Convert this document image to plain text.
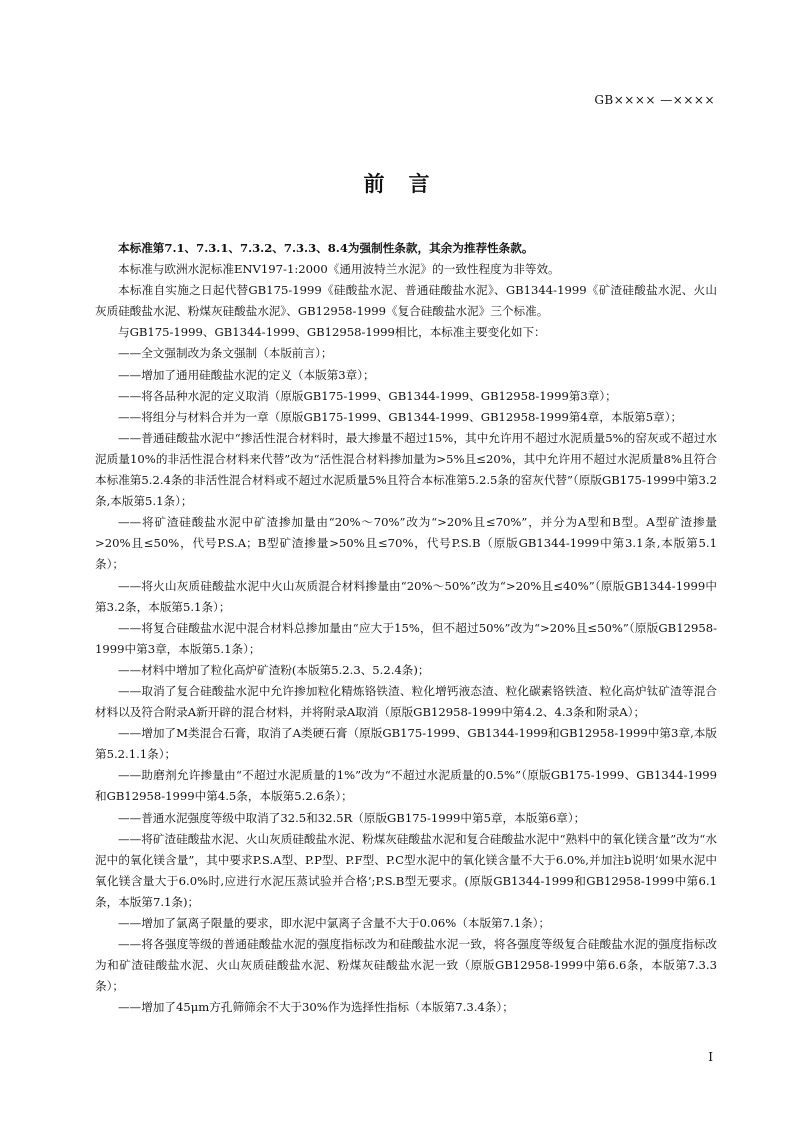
GB×××× —××××
前言

本标准第7.1、7.3.1、7.3.2、7.3.3、8.4为强制性条款，其余为推荐性条款。

本标准与欧洲水泥标准ENV197-1:2000《通用波特兰水泥》的一致性程度为非等效。

本标准自实施之日起代替GB175-1999《硅酸盐水泥、普通硅酸盐水泥》、GB1344-1999《矿渣硅酸盐水泥、火山灰质硅酸盐水泥、粉煤灰硅酸盐水泥》、GB12958-1999《复合硅酸盐水泥》三个标准。

与GB175-1999、GB1344-1999、GB12958-1999相比，本标准主要变化如下：

——全文强制改为条文强制（本版前言）；

——增加了通用硅酸盐水泥的定义（本版第3章）；

——将各品种水泥的定义取消（原版GB175-1999、GB1344-1999、GB12958-1999第3章）；

——将组分与材料合并为一章（原版GB175-1999、GB1344-1999、GB12958-1999第4章，本版第5章）；

——普通硅酸盐水泥中“掺活性混合材料时，最大掺量不超过15%，其中允许用不超过水泥质量5%的窑灰或不超过水泥质量10%的非活性混合材料来代替”改为“活性混合材料掺加量为>5%且≤20%，其中允许用不超过水泥质量8%且符合本标准第5.2.4条的非活性混合材料或不超过水泥质量5%且符合本标准第5.2.5条的窑灰代替”（原版GB175-1999中第3.2条,本版第5.1条）；

——将矿渣硅酸盐水泥中矿渣掺加量由“20%～70%”改为“>20%且≤70%”，并分为A型和B型。A型矿渣掺量>20%且≤50%，代号P.S.A；B型矿渣掺量>50%且≤70%，代号P.S.B（原版GB1344-1999中第3.1条,本版第5.1条）；

——将火山灰质硅酸盐水泥中火山灰质混合材料掺量由“20%～50%”改为“>20%且≤40%”（原版GB1344-1999中第3.2条，本版第5.1条）；

——将复合硅酸盐水泥中混合材料总掺加量由“应大于15%，但不超过50%”改为“>20%且≤50%”（原版GB12958-1999中第3章，本版第5.1条）；

——材料中增加了粒化高炉矿渣粉(本版第5.2.3、5.2.4条)；

——取消了复合硅酸盐水泥中允许掺加粒化精炼铬铁渣、粒化增钙液态渣、粒化碳素铬铁渣、粒化高炉钛矿渣等混合材料以及符合附录A新开辟的混合材料，并将附录A取消（原版GB12958-1999中第4.2、4.3条和附录A）；

——增加了M类混合石膏，取消了A类硬石膏（原版GB175-1999、GB1344-1999和GB12958-1999中第3章,本版第5.2.1.1条）；

——助磨剂允许掺量由“不超过水泥质量的1%”改为“不超过水泥质量的0.5%”（原版GB175-1999、GB1344-1999和GB12958-1999中第4.5条，本版第5.2.6条）；

——普通水泥强度等级中取消了32.5和32.5R（原版GB175-1999中第5章，本版第6章）；

——将矿渣硅酸盐水泥、火山灰质硅酸盐水泥、粉煤灰硅酸盐水泥和复合硅酸盐水泥中“熟料中的氧化镁含量”改为“水泥中的氧化镁含量”，其中要求P.S.A型、P.P型、P.F型、P.C型水泥中的氧化镁含量不大于6.0%,并加注b说明‘如果水泥中氧化镁含量大于6.0%时,应进行水泥压蒸试验并合格’;P.S.B型无要求。(原版GB1344-1999和GB12958-1999中第6.1条，本版第7.1条)；

——增加了氯离子限量的要求，即水泥中氯离子含量不大于0.06%（本版第7.1条）；

——将各强度等级的普通硅酸盐水泥的强度指标改为和硅酸盐水泥一致，将各强度等级复合硅酸盐水泥的强度指标改为和矿渣硅酸盐水泥、火山灰质硅酸盐水泥、粉煤灰硅酸盐水泥一致（原版GB12958-1999中第6.6条，本版第7.3.3条）；

——增加了45μm方孔筛筛余不大于30%作为选择性指标（本版第7.3.4条）；

I
